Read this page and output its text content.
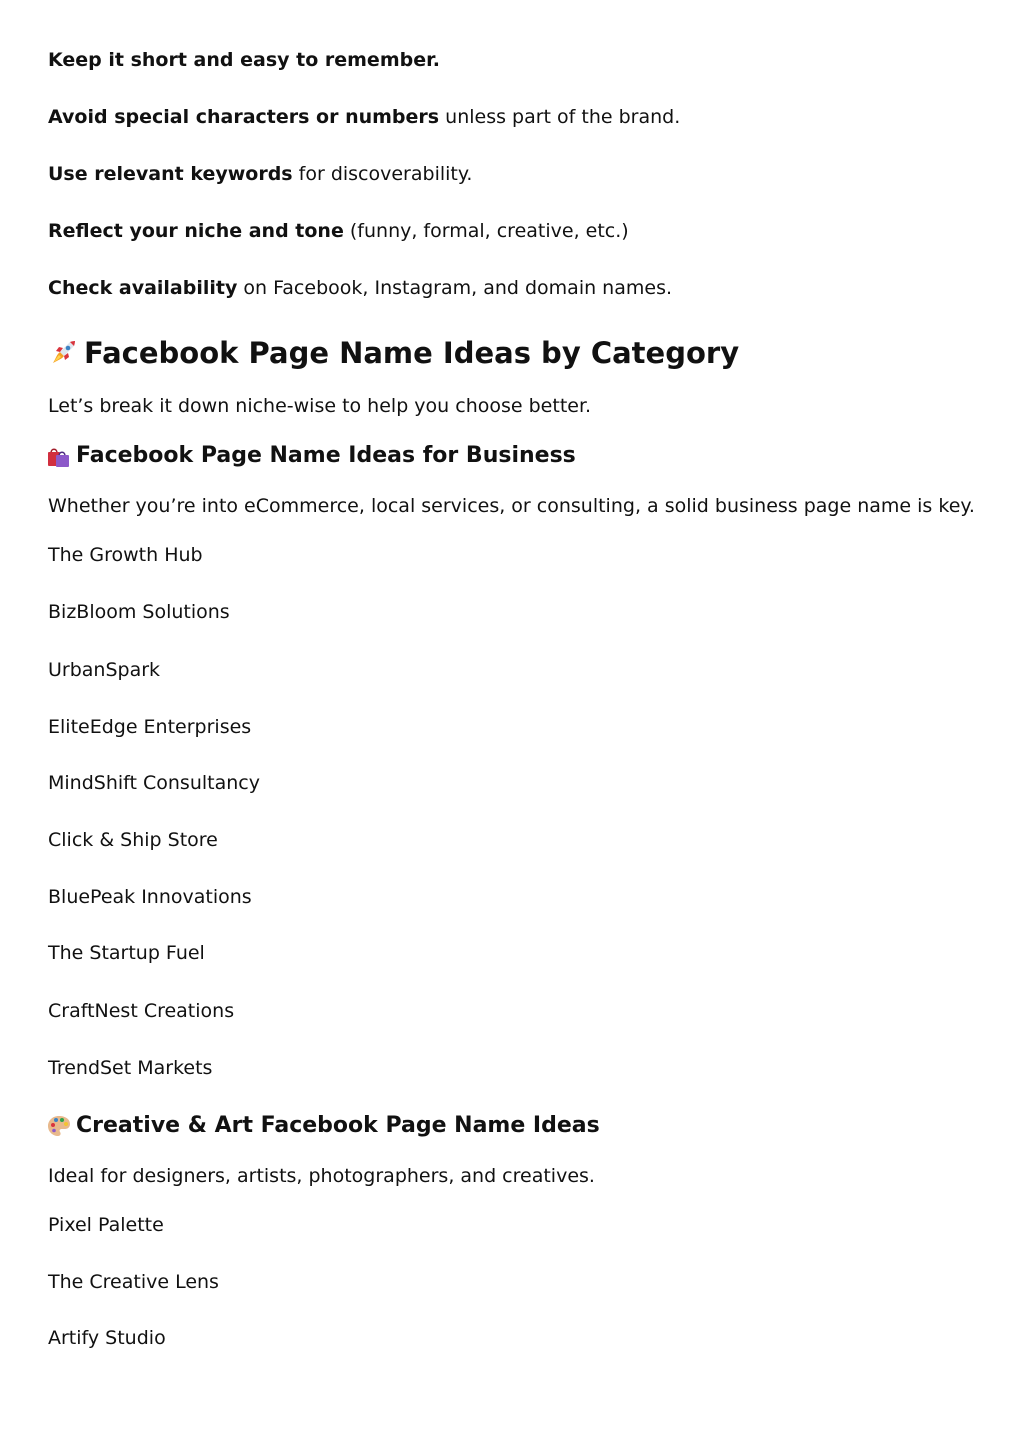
Keep it short and easy to remember.
Avoid special characters or numbers unless part of the brand.
Use relevant keywords for discoverability.
Reflect your niche and tone (funny, formal, creative, etc.)
Check availability on Facebook, Instagram, and domain names.
Facebook Page Name Ideas by Category
Let’s break it down niche-wise to help you choose better.
Facebook Page Name Ideas for Business
Whether you’re into eCommerce, local services, or consulting, a solid business page name is key.
The Growth Hub
BizBloom Solutions
UrbanSpark
EliteEdge Enterprises
MindShift Consultancy
Click & Ship Store
BluePeak Innovations
The Startup Fuel
CraftNest Creations
TrendSet Markets
Creative & Art Facebook Page Name Ideas
Ideal for designers, artists, photographers, and creatives.
Pixel Palette
The Creative Lens
Artify Studio
